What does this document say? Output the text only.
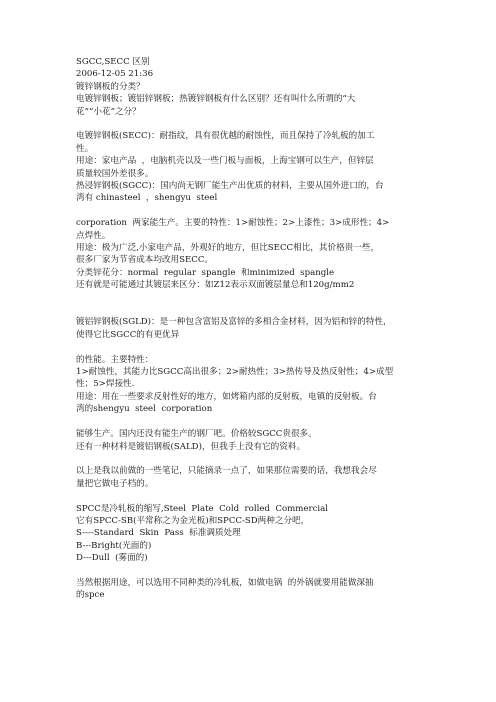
SGCC,SECC 区别
2006-12-05 21:36
镀锌钢板的分类？
电镀锌钢板；镀铝锌钢板；热镀锌钢板有什么区别？还有叫什么所谓的“大
花”“小花”之分？
电镀锌钢板(SECC)：耐指纹，具有很优越的耐蚀性，而且保持了冷轧板的加工
性。
用途：家电产品  ，电脑机壳以及一些门板与面板，上海宝钢可以生产，但锌层
质量较国外差很多。
热浸锌钢板(SGCC)：国内尚无钢厂能生产出优质的材料，主要从国外进口的，台
湾有 chinasteel  ，shengyu  steel
corporation  两家能生产。主要的特性：1>耐蚀性；2>上漆性；3>成形性；4>
点焊性。
用途：极为广泛,小家电产品，外观好的地方，但比SECC相比，其价格贵一些，
很多厂家为节省成本均改用SECC。
分类锌花分：normal  regular  spangle  和minimized  spangle
还有就是可能通过其镀层来区分：如Z12表示双面镀层量总和120g/mm2
镀铝锌钢板(SGLD)：是一种包含富铝及富锌的多相合金材料，因为铝和锌的特性，
使得它比SGCC的有更优异
的性能。主要特性：
1>耐蚀性，其能力比SGCC高出很多；2>耐热性；3>热传导及热反射性；4>成型
性；5>焊接性.
用途：用在一些要求反射性好的地方，如烤箱内部的反射板，电镇的反射板。台
湾的shengyu  steel  corporation
能够生产。国内还没有能生产的钢厂吧。价格较SGCC贵很多。
还有一种材料是镀铝钢板(SALD)，但我手上没有它的资料。
以上是我以前做的一些笔记，只能摘录一点了，如果那位需要的话，我想我会尽
量把它做电子档的。
SPCC是冷轧板的缩写,Steel  Plate  Cold  rolled  Commercial
它有SPCC-SB(平常称之为金光板)和SPCC-SD两种之分吧，
S----Standard  Skin  Pass  标准调质处理
B---Bright(光面的)
D---Dull  (雾面的)
当然根据用途，可以选用不同种类的冷轧板，如做电锅  的外锅就要用能做深抽
的spce
